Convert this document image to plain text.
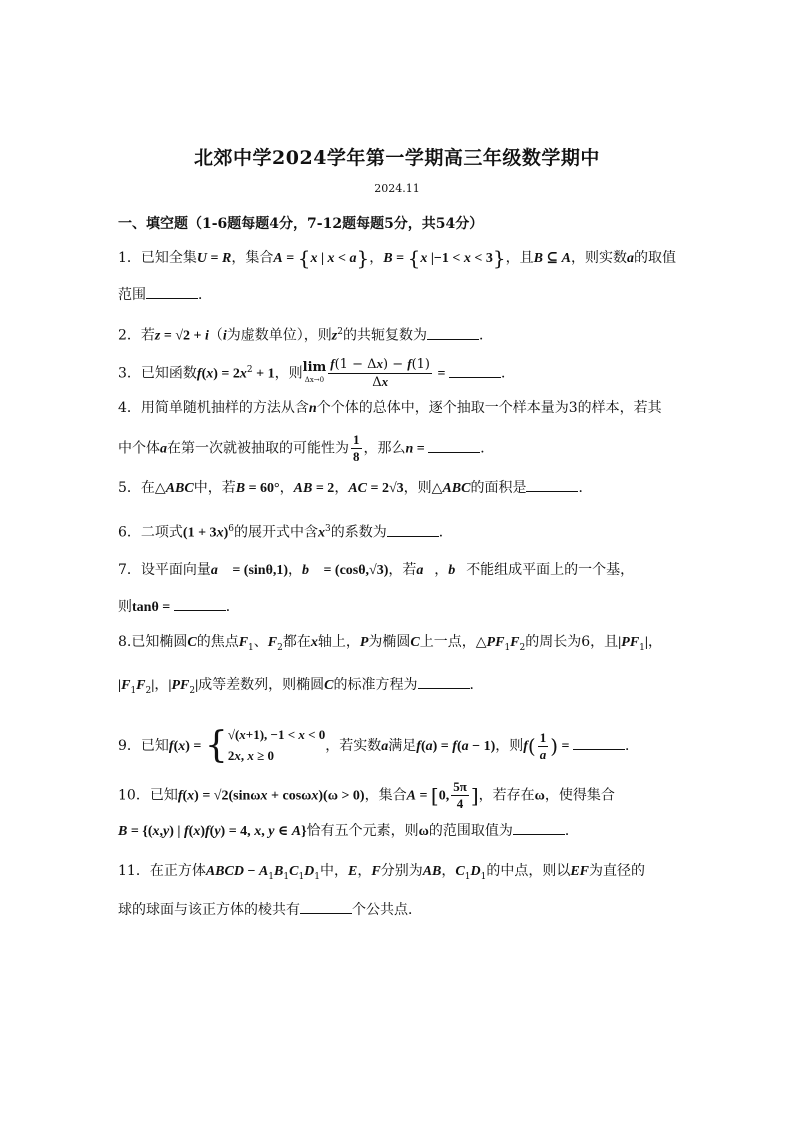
北郊中学2024学年第一学期高三年级数学期中
2024.11
一、填空题（1-6题每题4分，7-12题每题5分，共54分）
1．已知全集U = R，集合A = {x | x < a}，B = {x |−1 < x < 3}，且B ⊆ A，则实数a的取值
范围	．
2．若z = √2 + i（i为虚数单位），则$z^2$的共轭复数为	．
3．已知函数$f(x) = 2x^2 + 1$，则 lim
$\Delta x\to 0 \frac{f(1 - \Delta x) - f(1)}{\Delta x}$ =	．
4．用简单随机抽样的方法从含n个个体的总体中，逐个抽取一个样本量为3的样本，若其
中个体a在第一次就被抽取的可能性为 $\frac{1}{8}$ ，那么n =	．
5．在△ABC中，若B = 60°，AB = 2，AC = 2√3，则△ABC的面积是	．
6．二项式$(1 + 3x)^6$的展开式中含$x^3$的系数为	．
7．设平面向量a⃗ = (sinθ,1)，b⃗ = (cosθ,√3)，若a⃗，b⃗不能组成平面上的一个基，
则tanθ =	．
8.已知椭圆C的焦点$F_1$、$F_2$都在x轴上，P为椭圆C上一点，$\triangle PF_1F_2$的周长为6，且$|PF_1|$，
$|F_1F_2|$，$|PF_2|$成等差数列，则椭圆C的标准方程为	．
9．已知f(x) = { √(x+1), −1 < x < 0
2x, x ≥ 0
，若实数a满足f(a) = f(a − 1)，则$f( \frac{1}{a}$ ) =	．
10．已知f(x) = √2(sinωx + cosωx)(ω > 0)，集合A = [0, $\frac{5\pi}{4}$ ]，若存在ω，使得集合
B = {(x,y) | f(x)f(y) = 4, x, y ∈ A}恰有五个元素，则ω的范围取值为	．
11．在正方体ABCD − $A_1B_1C_1D_1$中，E，F分别为AB，$C_1D_1$的中点，则以EF为直径的
球的球面与该正方体的棱共有	个公共点．
